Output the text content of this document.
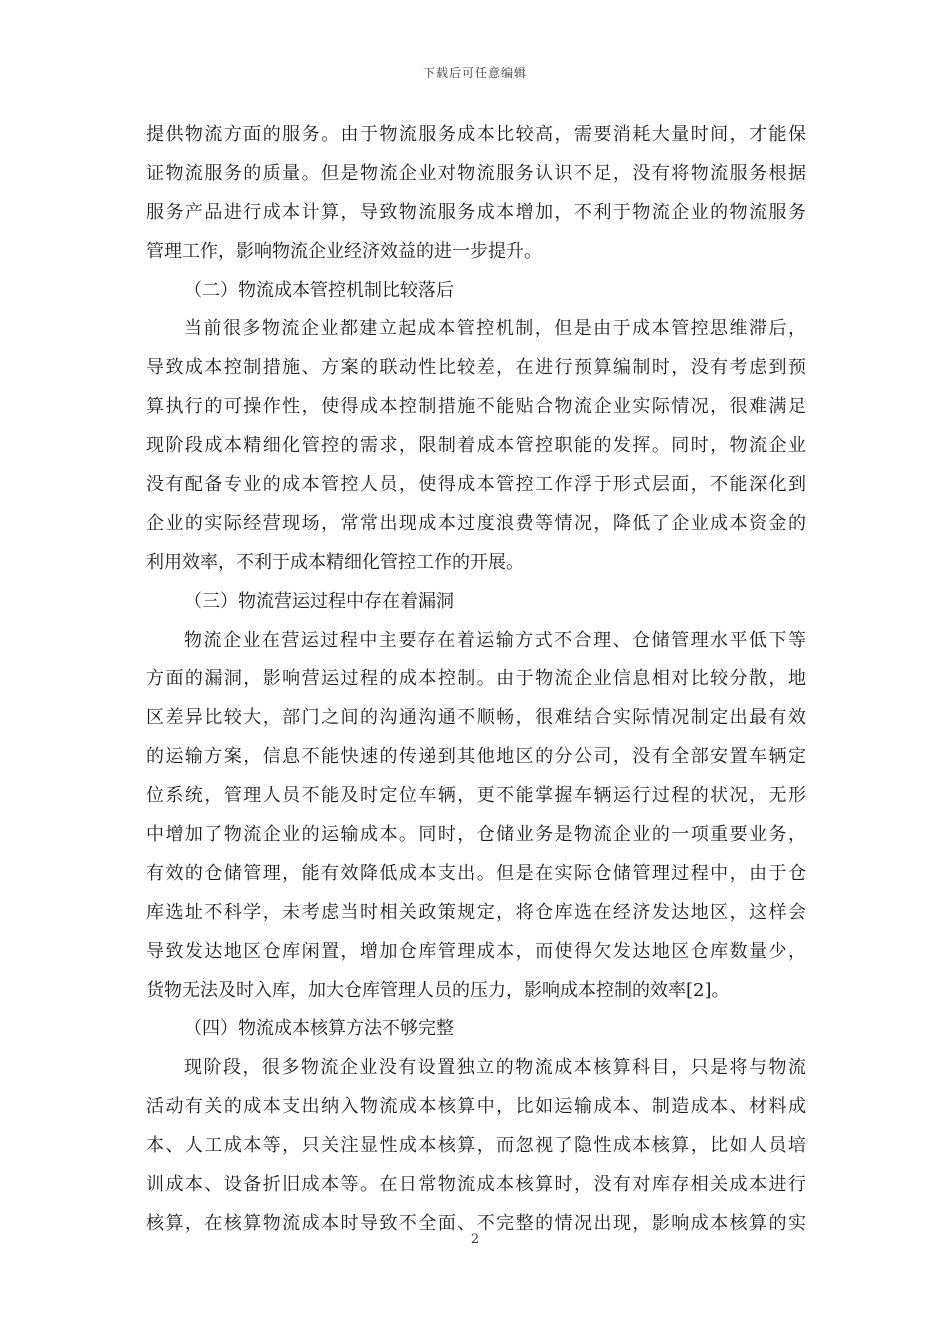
下载后可任意编辑
提供物流方面的服务。由于物流服务成本比较高，需要消耗大量时间，才能保
证物流服务的质量。但是物流企业对物流服务认识不足，没有将物流服务根据
服务产品进行成本计算，导致物流服务成本增加，不利于物流企业的物流服务
管理工作，影响物流企业经济效益的进一步提升。
（二）物流成本管控机制比较落后
当前很多物流企业都建立起成本管控机制，但是由于成本管控思维滞后，
导致成本控制措施、方案的联动性比较差，在进行预算编制时，没有考虑到预
算执行的可操作性，使得成本控制措施不能贴合物流企业实际情况，很难满足
现阶段成本精细化管控的需求，限制着成本管控职能的发挥。同时，物流企业
没有配备专业的成本管控人员，使得成本管控工作浮于形式层面，不能深化到
企业的实际经营现场，常常出现成本过度浪费等情况，降低了企业成本资金的
利用效率，不利于成本精细化管控工作的开展。
（三）物流营运过程中存在着漏洞
物流企业在营运过程中主要存在着运输方式不合理、仓储管理水平低下等
方面的漏洞，影响营运过程的成本控制。由于物流企业信息相对比较分散，地
区差异比较大，部门之间的沟通沟通不顺畅，很难结合实际情况制定出最有效
的运输方案，信息不能快速的传递到其他地区的分公司，没有全部安置车辆定
位系统，管理人员不能及时定位车辆，更不能掌握车辆运行过程的状况，无形
中增加了物流企业的运输成本。同时，仓储业务是物流企业的一项重要业务，
有效的仓储管理，能有效降低成本支出。但是在实际仓储管理过程中，由于仓
库选址不科学，未考虑当时相关政策规定，将仓库选在经济发达地区，这样会
导致发达地区仓库闲置，增加仓库管理成本，而使得欠发达地区仓库数量少，
货物无法及时入库，加大仓库管理人员的压力，影响成本控制的效率[2]。
（四）物流成本核算方法不够完整
现阶段，很多物流企业没有设置独立的物流成本核算科目，只是将与物流
活动有关的成本支出纳入物流成本核算中，比如运输成本、制造成本、材料成
本、人工成本等，只关注显性成本核算，而忽视了隐性成本核算，比如人员培
训成本、设备折旧成本等。在日常物流成本核算时，没有对库存相关成本进行
核算，在核算物流成本时导致不全面、不完整的情况出现，影响成本核算的实
2
